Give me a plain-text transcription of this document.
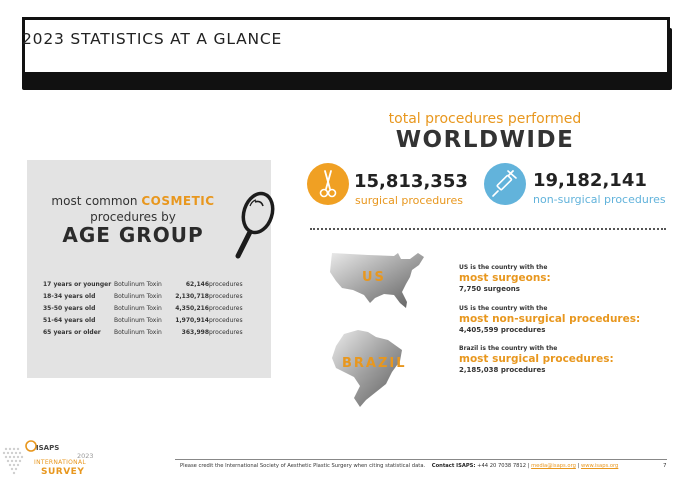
2023 STATISTICS AT A GLANCE
total procedures performed
WORLDWIDE
most common COSMETIC
procedures by
AGE GROUP
17 years or younger Botulinum Toxin	62,146 procedures
18-34 years old	Botulinum Toxin 2,130,718 procedures
35-50 years old	Botulinum Toxin 4,350,216 procedures
51-64 years old	Botulinum Toxin 1,970,914 procedures
65 years or older Botulinum Toxin	363,998 procedures
15,813,353
surgical procedures
19,182,141
non-surgical procedures
US
BRAZIL
US is the country with the
most surgeons:
7,750 surgeons
US is the country with the
most non-surgical procedures:
4,405,599 procedures
Brazil is the country with the
most surgical procedures:
2,185,038 procedures
ISAPS
2023
INTERNATIONAL
SURVEY
Please credit the International Society of Aesthetic Plastic Surgery when citing statistical data. Contact ISAPS: +44 20 7038 7812 | media@isaps.org | www.isaps.org	7
